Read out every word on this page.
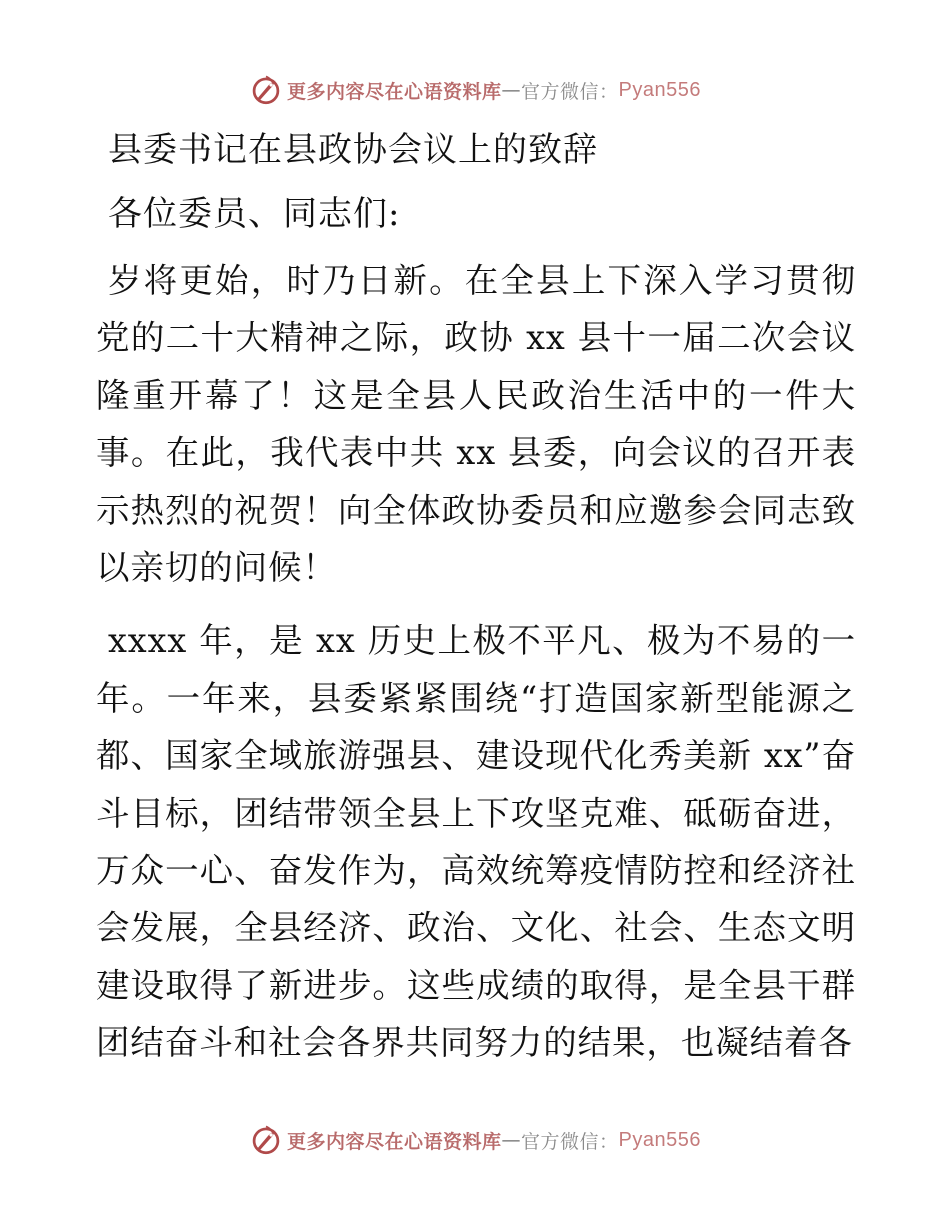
更多内容尽在心语资料库 — 官方微信： Pyan556
县委书记在县政协会议上的致辞
各位委员、同志们:

岁将更始，时乃日新。在全县上下深入学习贯彻党的二十大精神之际，政协 xx 县十一届二次会议隆重开幕了！这是全县人民政治生活中的一件大事。在此，我代表中共 xx 县委，向会议的召开表示热烈的祝贺！向全体政协委员和应邀参会同志致以亲切的问候！

xxxx 年，是 xx 历史上极不平凡、极为不易的一年。一年来，县委紧紧围绕“打造国家新型能源之都、国家全域旅游强县、建设现代化秀美新 xx”奋斗目标，团结带领全县上下攻坚克难、砥砺奋进，万众一心、奋发作为，高效统筹疫情防控和经济社会发展，全县经济、政治、文化、社会、生态文明建设取得了新进步。这些成绩的取得，是全县干群团结奋斗和社会各界共同努力的结果，也凝结着各

更多内容尽在心语资料库 — 官方微信： Pyan556
